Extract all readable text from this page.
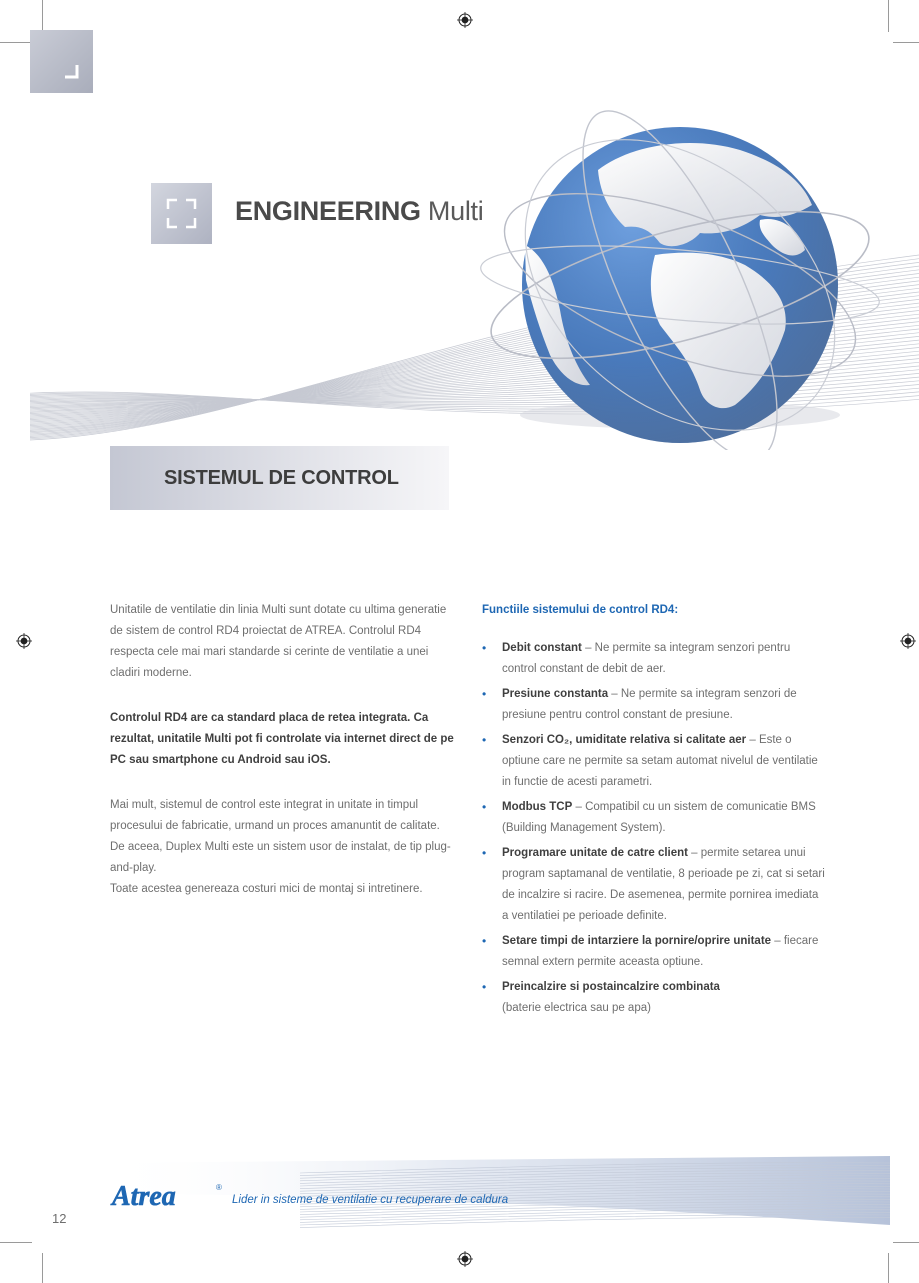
ENGINEERING Multi
SISTEMUL DE CONTROL

Unitatile de ventilatie din linia Multi sunt dotate cu ultima generatie de sistem de control RD4 proiectat de ATREA. Controlul RD4 respecta cele mai mari standarde si cerinte de ventilatie a unei cladiri moderne.

Controlul RD4 are ca standard placa de retea integrata. Ca rezultat, unitatile Multi pot fi controlate via internet direct de pe PC sau smartphone cu Android sau iOS.

Mai mult, sistemul de control este integrat in unitate in timpul procesului de fabricatie, urmand un proces amanuntit de calitate. De aceea, Duplex Multi este un sistem usor de instalat, de tip plug-and-play.

Toate acestea genereaza costuri mici de montaj si intretinere.

Functiile sistemului de control RD4:

• Debit constant – Ne permite sa integram senzori pentru control constant de debit de aer.
• Presiune constanta – Ne permite sa integram senzori de presiune pentru control constant de presiune.
• Senzori CO₂, umiditate relativa si calitate aer – Este o optiune care ne permite sa setam automat nivelul de ventilatie in functie de acesti parametri.
• Modbus TCP – Compatibil cu un sistem de comunicatie BMS (Building Management System).
• Programare unitate de catre client – permite setarea unui program saptamanal de ventilatie, 8 perioade pe zi, cat si setari de incalzire si racire. De asemenea, permite pornirea imediata a ventilatiei pe perioade definite.
• Setare timpi de intarziere la pornire/oprire unitate – fiecare semnal extern permite aceasta optiune.
• Preincalzire si postaincalzire combinata
(baterie electrica sau pe apa)
Atrea	®
Lider in sisteme de ventilatie cu recuperare de caldura
12
